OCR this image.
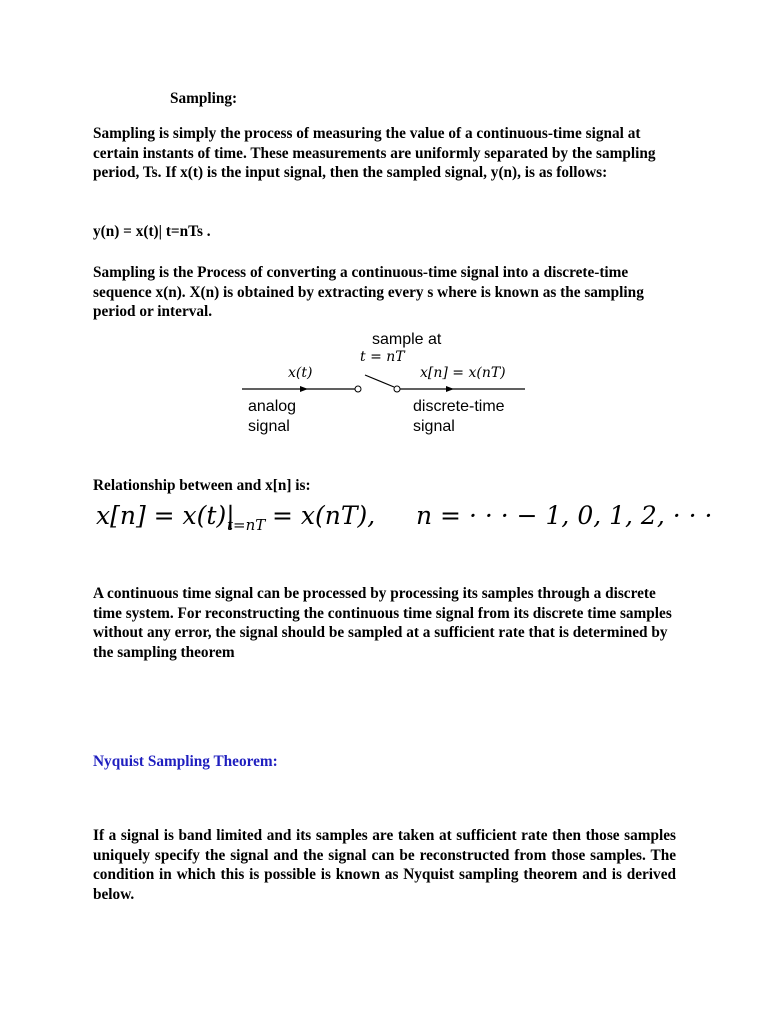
Sampling:

Sampling is simply the process of measuring the value of a continuous-time signal at certain instants of time. These measurements are uniformly separated by the sampling period, Ts. If x(t) is the input signal, then the sampled signal, y(n), is as follows:

y(n) = x(t)| t=nTs .

Sampling is the Process of converting a continuous-time signal into a discrete-time sequence x(n). X(n) is obtained by extracting every s where is known as the sampling period or interval.

sample at
t = nT
x(t)	x[n] = x(nT)
analog
signal
discrete-time
signal

Relationship between and x[n] is:

x[n] = x(t)|
t=nT = x(nT), n = · · · − 1, 0, 1, 2, · · ·

A continuous time signal can be processed by processing its samples through a discrete time system. For reconstructing the continuous time signal from its discrete time samples without any error, the signal should be sampled at a sufficient rate that is determined by the sampling theorem

Nyquist Sampling Theorem:

If a signal is band limited and its samples are taken at sufficient rate then those samples uniquely specify the signal and the signal can be reconstructed from those samples. The condition in which this is possible is known as Nyquist sampling theorem and is derived below.
